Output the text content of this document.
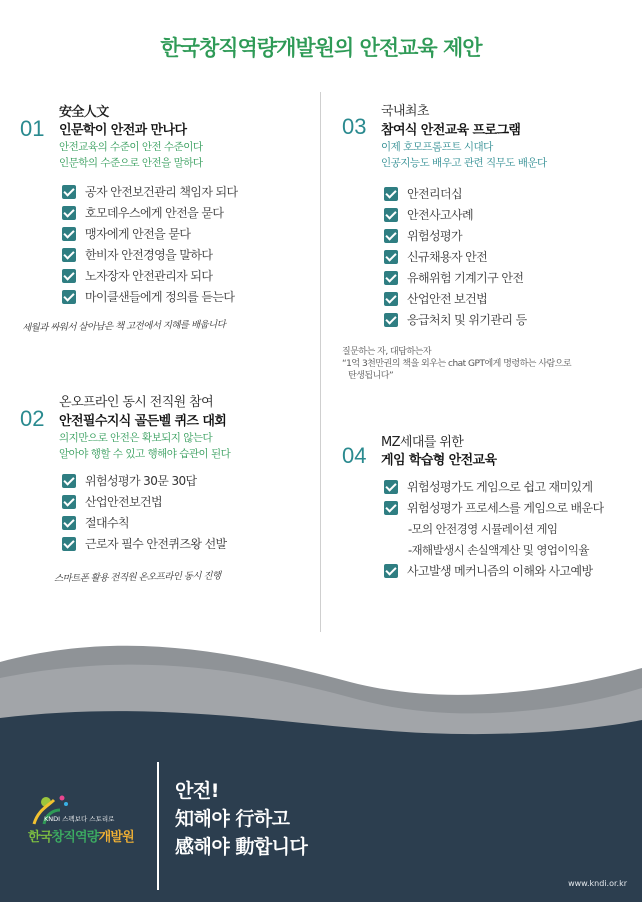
한국창직역량개발원의 안전교육 제안
01
安全人文
인문학이 안전과 만나다
안전교육의 수준이 안전 수준이다
인문학의 수준으로 안전을 말하다
공자 안전보건관리 책임자 되다
호모데우스에게 안전을 묻다
맹자에게 안전을 묻다
한비자 안전경영을 말하다
노자장자 안전관리자 되다
마이클샌들에게 정의를 듣는다
세월과 싸워서 살아남은 책 고전에서 지혜를 배웁니다
02
온오프라인 동시 전직원 참여
안전필수지식 골든벨 퀴즈 대회
의지만으로 안전은 확보되지 않는다
알아야 행할 수 있고 행해야 습관이 된다
위험성평가 30문 30답
산업안전보건법
절대수칙
근로자 필수 안전퀴즈왕 선발
스마트폰 활용 전직원 온오프라인 동시 진행
03
국내최초
참여식 안전교육 프로그램
이제 호모프롬프트 시대다
인공지능도 배우고 관련 직무도 배운다
안전리더십
안전사고사례
위험성평가
신규채용자 안전
유해위험 기계기구 안전
산업안전 보건법
응급처치 및 위기관리 등
질문하는 자, 대답하는자
“1억 3천만권의 책을 외우는 chat GPT에게 명령하는 사람으로
탄생됩니다”
04
MZ세대를 위한
게임 학습형 안전교육
위험성평가도 게임으로 쉽고 재미있게
위험성평가 프로세스를 게임으로 배운다
-모의 안전경영 시뮬레이션 게임
-재해발생시 손실액계산 및 영업이익율
사고발생 메커니즘의 이해와 사고예방
KNDI 스펙보다 스토리로
한국창직역량개발원
안전!
知해야 行하고
感해야 動합니다
www.kndi.or.kr
